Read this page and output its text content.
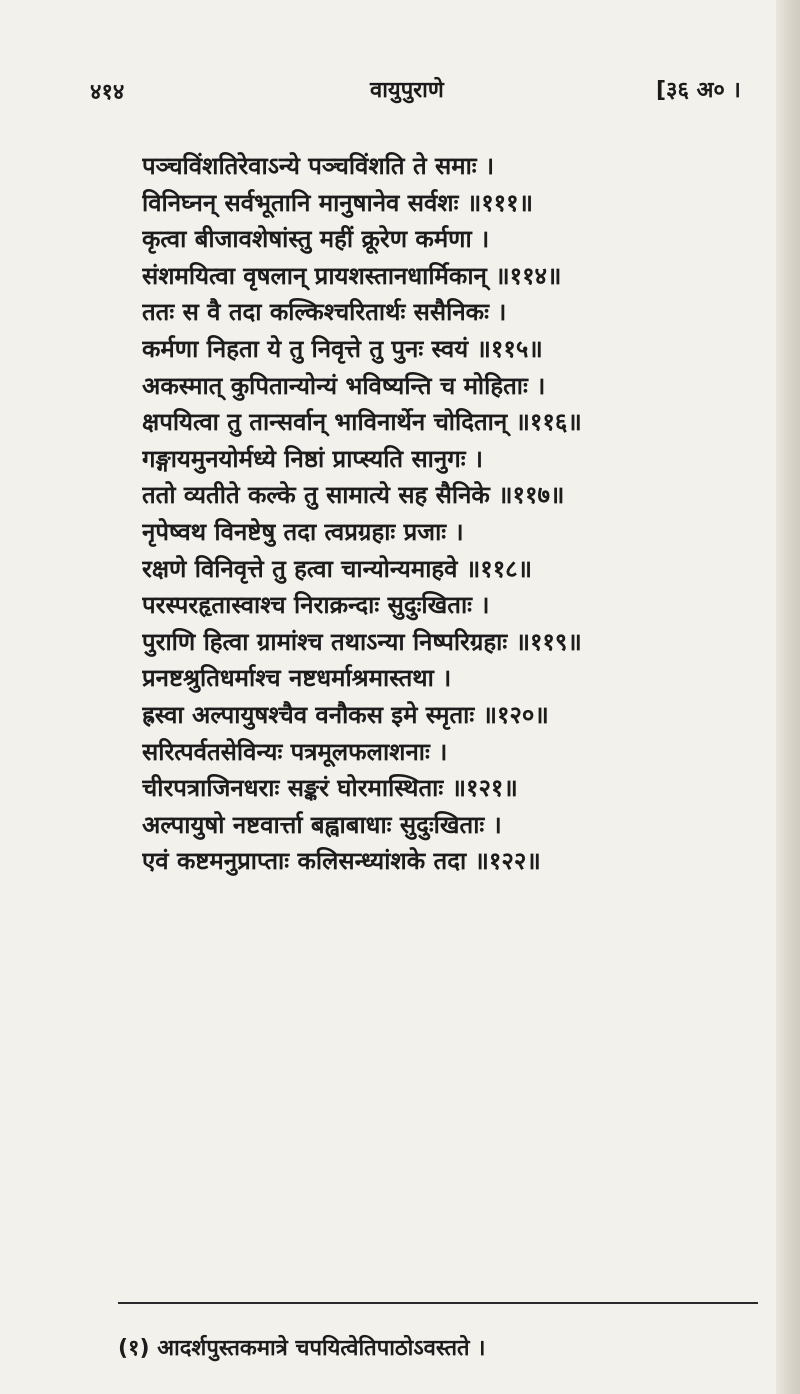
४१४	वायुपुराणे	[३६ अ० ।
पञ्चविंशतिरेवाऽन्ये पञ्चविंशति ते समाः ।
विनिघ्नन् सर्वभूतानि मानुषानेव सर्वशः ॥१११॥
कृत्वा बीजावशेषांस्तु महीं क्रूरेण कर्मणा ।
संशमयित्वा वृषलान् प्रायशस्तानधार्मिकान् ॥११४॥
ततः स वै तदा कल्किश्चरितार्थः ससैनिकः ।
कर्मणा निहता ये तु निवृत्ते तु पुनः स्वयं ॥११५॥
अकस्मात् कुपितान्योन्यं भविष्यन्ति च मोहिताः ।
क्षपयित्वा तु तान्सर्वान् भाविनार्थेन चोदितान् ॥११६॥
गङ्गायमुनयोर्मध्ये निष्ठां प्राप्स्यति सानुगः ।
ततो व्यतीते कल्के तु सामात्ये सह सैनिके ॥११७॥
नृपेष्वथ विनष्टेषु तदा त्वप्रग्रहाः प्रजाः ।
रक्षणे विनिवृत्ते तु हत्वा चान्योन्यमाहवे ॥११८॥
परस्परहृतास्वाश्च निराक्रन्दाः सुदुःखिताः ।
पुराणि हित्वा ग्रामांश्च तथाऽन्या निष्परिग्रहाः ॥११९॥
प्रनष्टश्रुतिधर्माश्च नष्टधर्माश्रमास्तथा ।
ह्रस्वा अल्पायुषश्चैव वनौकस इमे स्मृताः ॥१२०॥
सरित्पर्वतसेविन्यः पत्रमूलफलाशनाः ।
चीरपत्राजिनधराः सङ्करं घोरमास्थिताः ॥१२१॥
अल्पायुषो नष्टवार्त्ता बह्वाबाधाः सुदुःखिताः ।
एवं कष्टमनुप्राप्ताः कलिसन्ध्यांशके तदा ॥१२२॥
(१) आदर्शपुस्तकमात्रे चपयित्वेतिपाठोऽवस्तते ।
